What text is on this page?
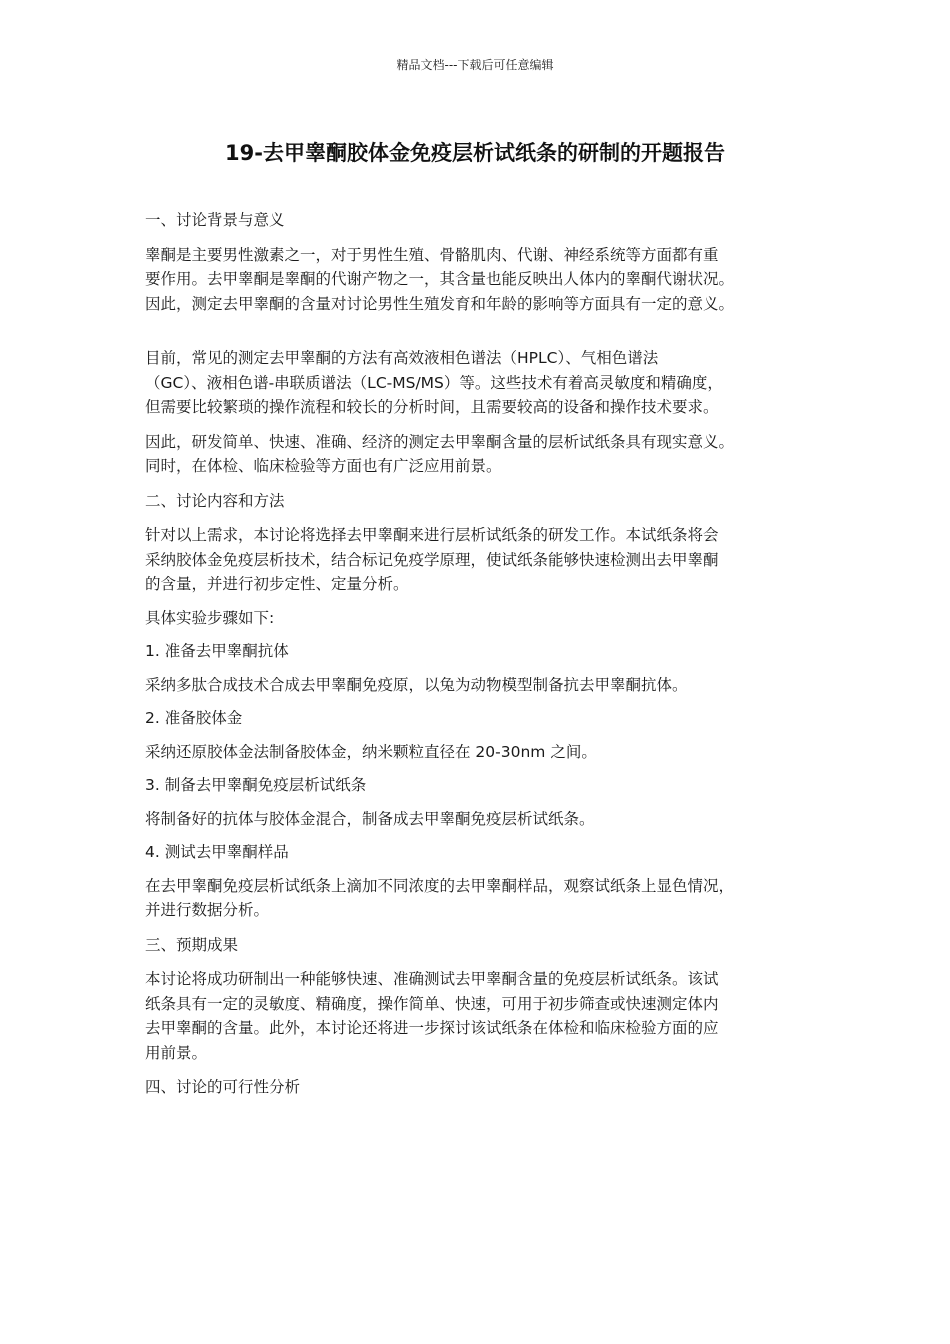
精品文档---下载后可任意编辑
19-去甲睾酮胶体金免疫层析试纸条的研制的开题报告

一、讨论背景与意义

睾酮是主要男性激素之一，对于男性生殖、骨骼肌肉、代谢、神经系统等方面都有重
要作用。去甲睾酮是睾酮的代谢产物之一，其含量也能反映出人体内的睾酮代谢状况。
因此，测定去甲睾酮的含量对讨论男性生殖发育和年龄的影响等方面具有一定的意义。

目前，常见的测定去甲睾酮的方法有高效液相色谱法（HPLC）、气相色谱法
（GC）、液相色谱-串联质谱法（LC-MS/MS）等。这些技术有着高灵敏度和精确度，
但需要比较繁琐的操作流程和较长的分析时间，且需要较高的设备和操作技术要求。

因此，研发简单、快速、准确、经济的测定去甲睾酮含量的层析试纸条具有现实意义。
同时，在体检、临床检验等方面也有广泛应用前景。

二、讨论内容和方法

针对以上需求，本讨论将选择去甲睾酮来进行层析试纸条的研发工作。本试纸条将会
采纳胶体金免疫层析技术，结合标记免疫学原理，使试纸条能够快速检测出去甲睾酮
的含量，并进行初步定性、定量分析。

具体实验步骤如下:

1. 准备去甲睾酮抗体

采纳多肽合成技术合成去甲睾酮免疫原，以兔为动物模型制备抗去甲睾酮抗体。

2. 准备胶体金

采纳还原胶体金法制备胶体金，纳米颗粒直径在 20-30nm 之间。

3. 制备去甲睾酮免疫层析试纸条

将制备好的抗体与胶体金混合，制备成去甲睾酮免疫层析试纸条。

4. 测试去甲睾酮样品

在去甲睾酮免疫层析试纸条上滴加不同浓度的去甲睾酮样品，观察试纸条上显色情况，
并进行数据分析。

三、预期成果

本讨论将成功研制出一种能够快速、准确测试去甲睾酮含量的免疫层析试纸条。该试
纸条具有一定的灵敏度、精确度，操作简单、快速，可用于初步筛查或快速测定体内
去甲睾酮的含量。此外，本讨论还将进一步探讨该试纸条在体检和临床检验方面的应
用前景。

四、讨论的可行性分析
